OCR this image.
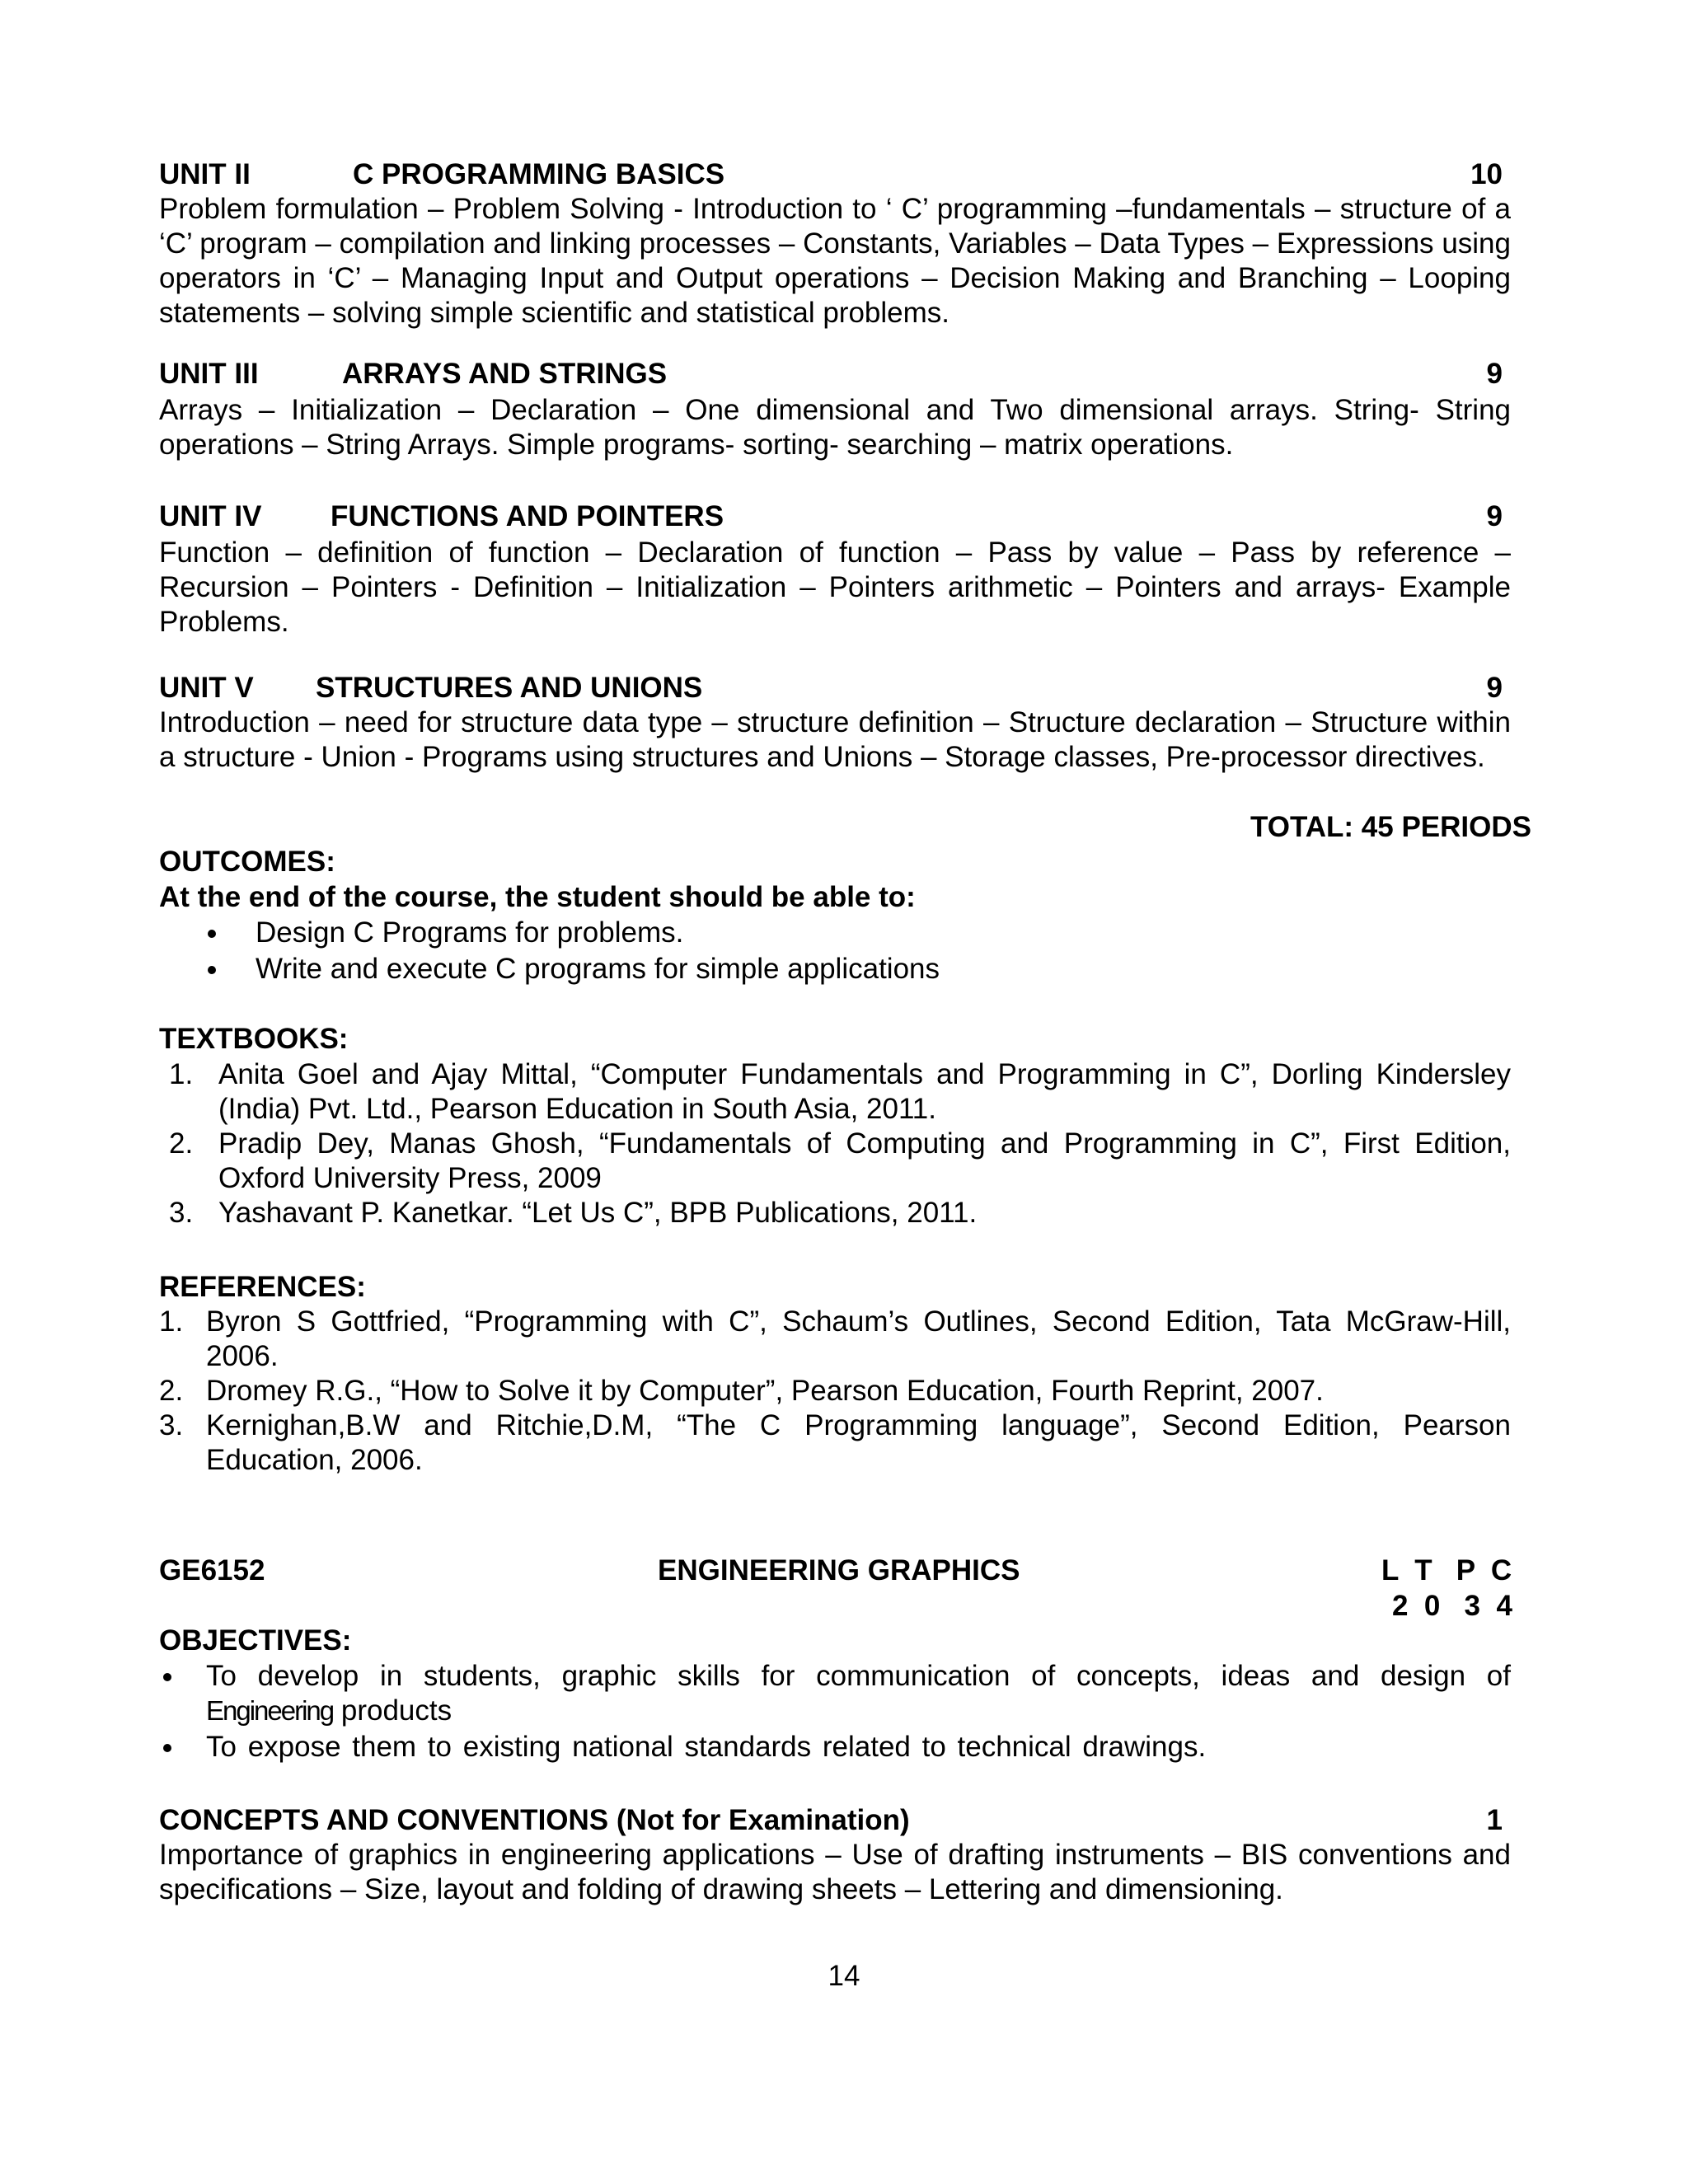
UNIT II	C PROGRAMMING BASICS	10
Problem formulation – Problem Solving - Introduction to ‘ C’ programming –fundamentals – structure of a ‘C’ program – compilation and linking processes – Constants, Variables – Data Types – Expressions using operators in ‘C’ – Managing Input and Output operations – Decision Making and Branching – Looping statements – solving simple scientific and statistical problems.
UNIT III	ARRAYS AND STRINGS	9
Arrays – Initialization – Declaration – One dimensional and Two dimensional arrays. String- String operations – String Arrays. Simple programs- sorting- searching – matrix operations.
UNIT IV FUNCTIONS AND POINTERS	9
Function – definition of function – Declaration of function – Pass by value – Pass by reference – Recursion – Pointers - Definition – Initialization – Pointers arithmetic – Pointers and arrays- Example Problems.
UNIT V STRUCTURES AND UNIONS	9
Introduction – need for structure data type – structure definition – Structure declaration – Structure within a structure - Union - Programs using structures and Unions – Storage classes, Pre-processor directives.
TOTAL: 45 PERIODS
OUTCOMES:
At the end of the course, the student should be able to:
Design C Programs for problems.
Write and execute C programs for simple applications
TEXTBOOKS:
1. Anita Goel and Ajay Mittal, “Computer Fundamentals and Programming in C”, Dorling Kindersley (India) Pvt. Ltd., Pearson Education in South Asia, 2011.
2. Pradip Dey, Manas Ghosh, “Fundamentals of Computing and Programming in C”, First Edition, Oxford University Press, 2009
3. Yashavant P. Kanetkar. “Let Us C”, BPB Publications, 2011.
REFERENCES:
1. Byron S Gottfried, “Programming with C”, Schaum’s Outlines, Second Edition, Tata McGraw-Hill, 2006.
2. Dromey R.G., “How to Solve it by Computer”, Pearson Education, Fourth Reprint, 2007.
3. Kernighan,B.W and Ritchie,D.M, “The C Programming language”, Second Edition, Pearson Education, 2006.
GE6152	ENGINEERING GRAPHICS	L  T   P  C
2  0   3  4
OBJECTIVES:
To develop in students, graphic skills for communication of concepts, ideas and design of
Engineering products
To expose them to existing national standards related to technical drawings.
CONCEPTS AND CONVENTIONS (Not for Examination)	1
Importance of graphics in engineering applications – Use of drafting instruments – BIS conventions and specifications – Size, layout and folding of drawing sheets – Lettering and dimensioning.
14
